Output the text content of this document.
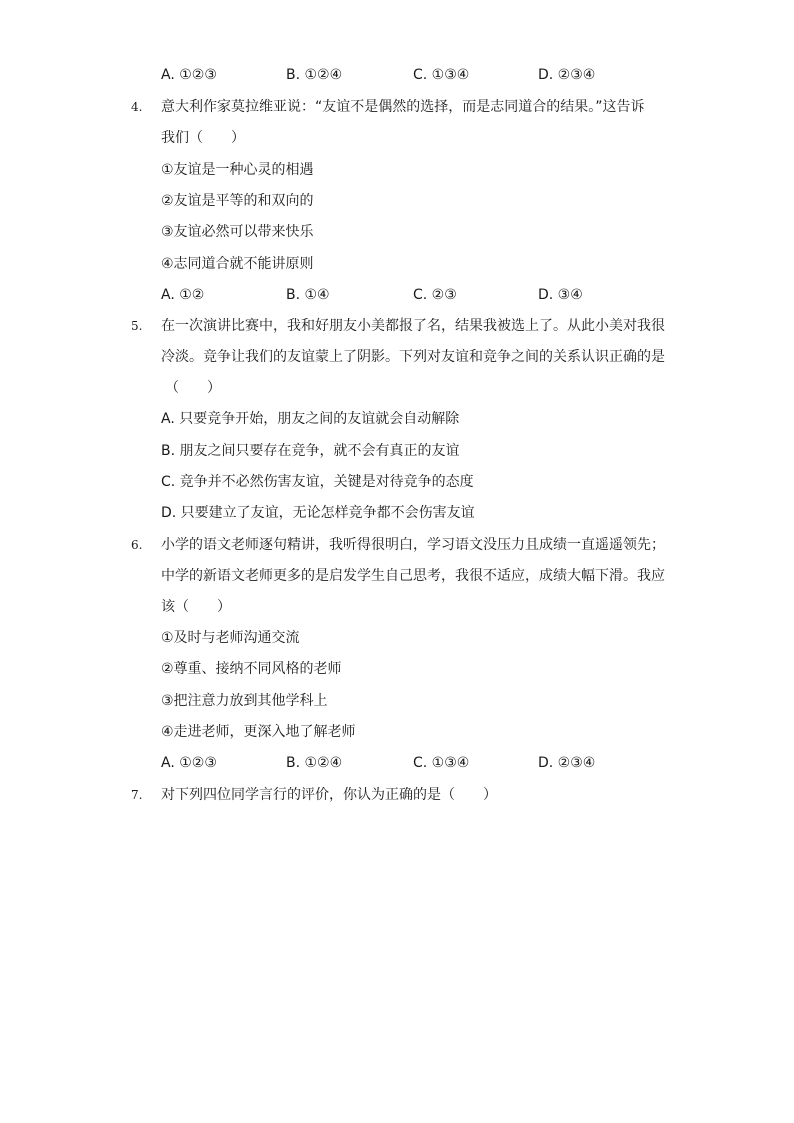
A. ①②③	B. ①②④	C. ①③④	D. ②③④
4. 意大利作家莫拉维亚说：“友谊不是偶然的选择，而是志同道合的结果。”这告诉
我们（　　）
①友谊是一种心灵的相遇
②友谊是平等的和双向的
③友谊必然可以带来快乐
④志同道合就不能讲原则
A. ①②	B. ①④	C. ②③	D. ③④
5. 在一次演讲比赛中，我和好朋友小美都报了名，结果我被选上了。从此小美对我很
冷淡。竞争让我们的友谊蒙上了阴影。下列对友谊和竞争之间的关系认识正确的是
（　　）
A. 只要竞争开始，朋友之间的友谊就会自动解除
B. 朋友之间只要存在竞争，就不会有真正的友谊
C. 竞争并不必然伤害友谊，关键是对待竞争的态度
D. 只要建立了友谊，无论怎样竞争都不会伤害友谊
6. 小学的语文老师逐句精讲，我听得很明白，学习语文没压力且成绩一直遥遥领先；
中学的新语文老师更多的是启发学生自己思考，我很不适应，成绩大幅下滑。我应
该（　　）
①及时与老师沟通交流
②尊重、接纳不同风格的老师
③把注意力放到其他学科上
④走进老师，更深入地了解老师
A. ①②③	B. ①②④	C. ①③④	D. ②③④
7. 对下列四位同学言行的评价，你认为正确的是（　　）
